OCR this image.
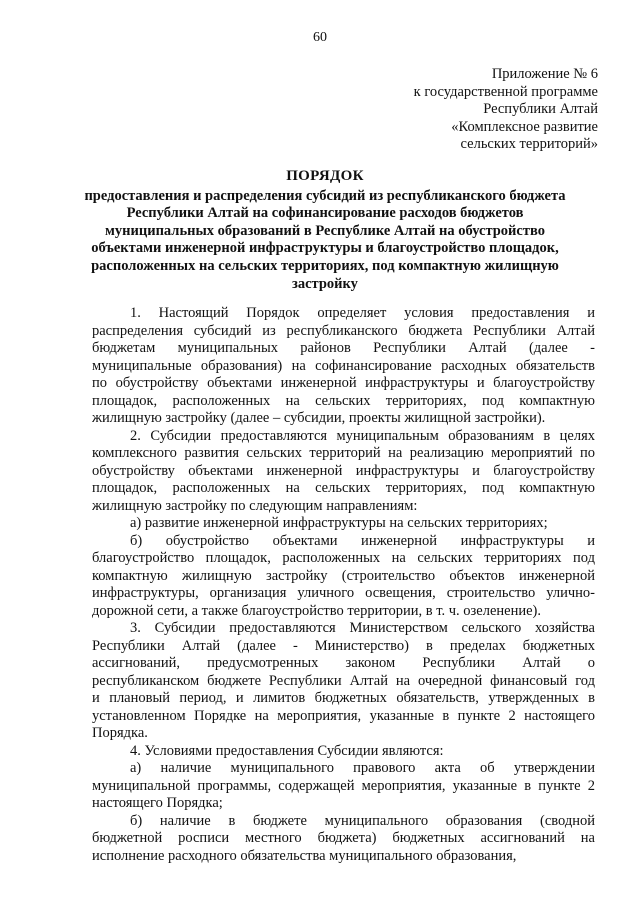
60
Приложение № 6
к государственной программе
Республики Алтай
«Комплексное развитие
сельских территорий»
ПОРЯДОК
предоставления и распределения субсидий из республиканского бюджета
Республики Алтай на софинансирование расходов бюджетов
муниципальных образований в Республике Алтай на обустройство
объектами инженерной инфраструктуры и благоустройство площадок,
расположенных на сельских территориях, под компактную жилищную
застройку

1. Настоящий Порядок определяет условия предоставления и
распределения субсидий из республиканского бюджета Республики Алтай
бюджетам муниципальных районов Республики Алтай (далее -
муниципальные образования) на софинансирование расходных обязательств
по обустройству объектами инженерной инфраструктуры и благоустройству
площадок, расположенных на сельских территориях, под компактную
жилищную застройку (далее – субсидии, проекты жилищной застройки).

2. Субсидии предоставляются муниципальным образованиям в целях
комплексного развития сельских территорий на реализацию мероприятий по
обустройству объектами инженерной инфраструктуры и благоустройству
площадок, расположенных на сельских территориях, под компактную
жилищную застройку по следующим направлениям:

а) развитие инженерной инфраструктуры на сельских территориях;

б) обустройство объектами инженерной инфраструктуры и
благоустройство площадок, расположенных на сельских территориях под
компактную жилищную застройку (строительство объектов инженерной
инфраструктуры, организация уличного освещения, строительство улично-
дорожной сети, а также благоустройство территории, в т. ч. озеленение).

3. Субсидии предоставляются Министерством сельского хозяйства
Республики Алтай (далее - Министерство) в пределах бюджетных
ассигнований, предусмотренных законом Республики Алтай о
республиканском бюджете Республики Алтай на очередной финансовый год
и плановый период, и лимитов бюджетных обязательств, утвержденных в
установленном Порядке на мероприятия, указанные в пункте 2 настоящего
Порядка.

4. Условиями предоставления Субсидии являются:

а) наличие муниципального правового акта об утверждении
муниципальной программы, содержащей мероприятия, указанные в пункте 2
настоящего Порядка;

б) наличие в бюджете муниципального образования (сводной
бюджетной росписи местного бюджета) бюджетных ассигнований на
исполнение расходного обязательства муниципального образования,
